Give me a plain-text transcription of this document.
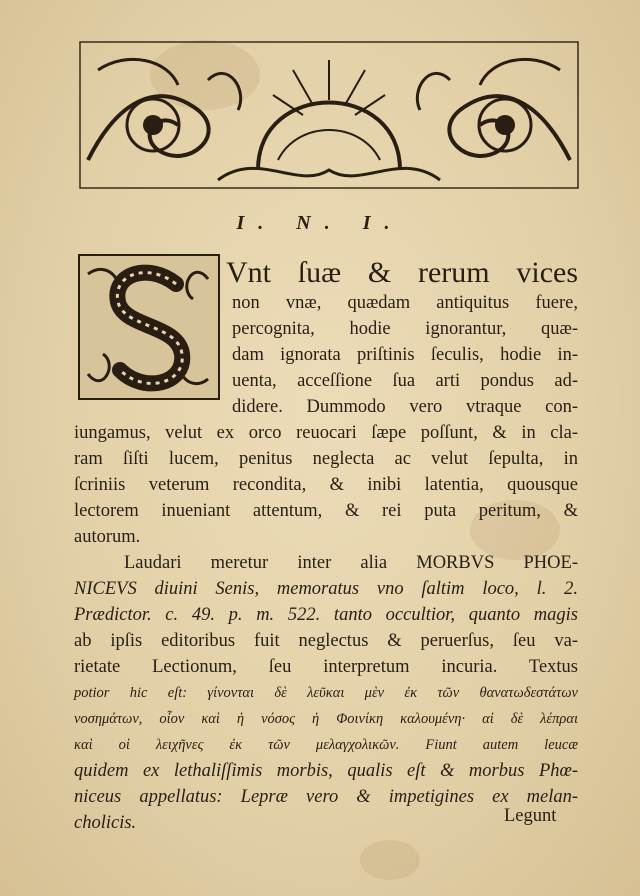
I. N. I.
Vnt ſuæ & rerum vices
non vnæ, quædam antiquitus fuere,
percognita, hodie ignorantur, quæ-
dam ignorata priſtinis ſeculis, hodie in-
uenta, acceſſione ſua arti pondus ad-
didere. Dummodo vero vtraque con-
iungamus, velut ex orco reuocari ſæpe poſſunt, & in cla-
ram ſiſti lucem, penitus neglecta ac velut ſepulta, in
ſcriniis veterum recondita, & inibi latentia, quousque
lectorem inueniant attentum, & rei puta peritum, &
autorum.
Laudari meretur inter alia MORBVS PHOE-
NICEVS diuini Senis, memoratus vno ſaltim loco, l. 2.
Prædictor. c. 49. p. m. 522. tanto occultior, quanto magis
ab ipſis editoribus fuit neglectus & peruerſus, ſeu va-
rietate Lectionum, ſeu interpretum incuria. Textus
potior hic eſt: γίνονται δὲ λεῦκαι μὲν ἐκ τῶν θανατωδεστάτων
νοσημάτων, οἷον καὶ ἡ νόσος ἡ Φοινίκη καλουμένη· αἱ δὲ λέπραι
καὶ οἱ λειχῆνες ἐκ τῶν μελαγχολικῶν. Fiunt autem leucæ
quidem ex lethaliſſimis morbis, qualis eſt & morbus Phœ-
niceus appellatus: Lepræ vero & impetigines ex melan-
cholicis.	Legunt
